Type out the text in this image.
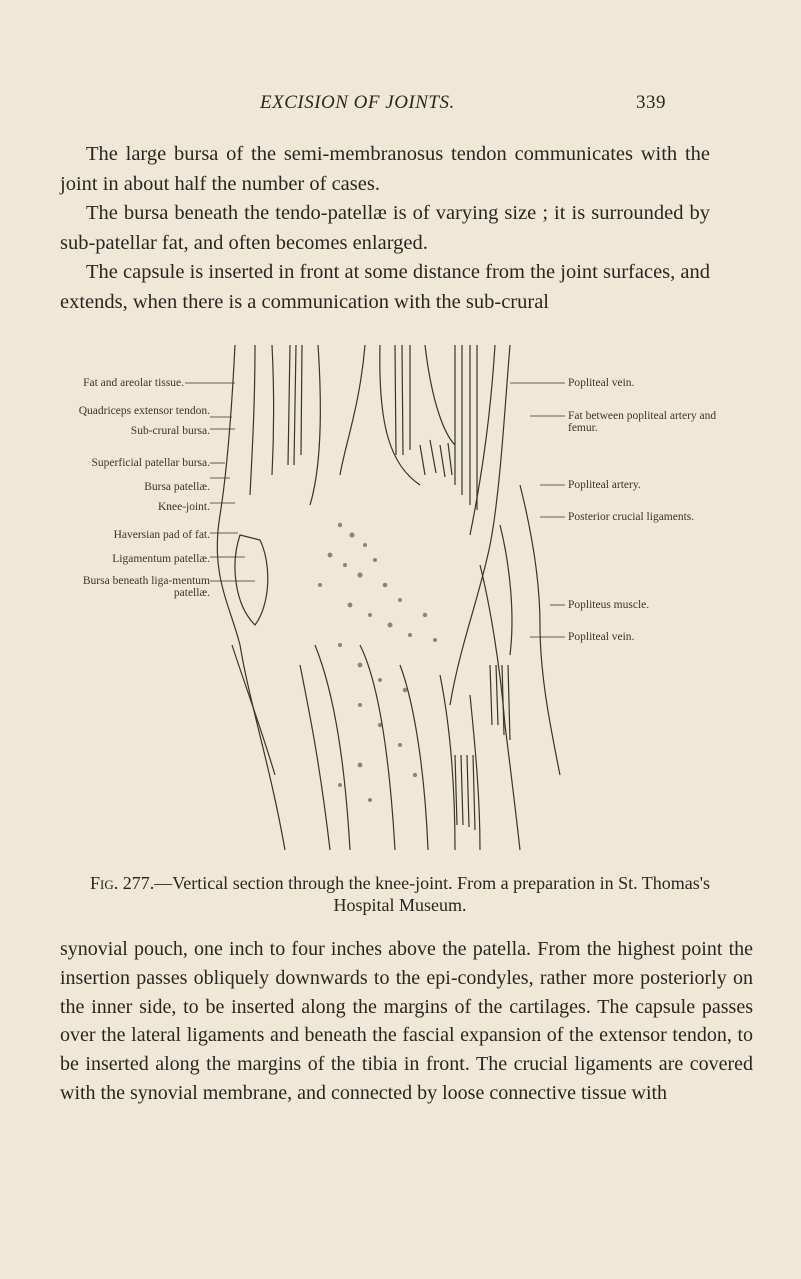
EXCISION OF JOINTS.	339

The large bursa of the semi-membranosus tendon communicates with the joint in about half the number of cases.

The bursa beneath the tendo-patellæ is of varying size ; it is surrounded by sub-patellar fat, and often becomes enlarged.

The capsule is inserted in front at some distance from the joint surfaces, and extends, when there is a communication with the sub-crural

Fat and areolar tissue.
Quadriceps extensor tendon.
Sub-crural bursa.
Superficial patellar bursa.
Bursa patellæ.
Knee-joint.
Haversian pad of fat.
Ligamentum patellæ.
Bursa beneath liga-mentum patellæ.
Popliteal vein.
Fat between popliteal artery and femur.
Popliteal artery.
Posterior crucial ligaments.
Popliteus muscle.
Popliteal vein.
Fig. 277.—Vertical section through the knee-joint. From a preparation in St. Thomas's Hospital Museum.

synovial pouch, one inch to four inches above the patella. From the highest point the insertion passes obliquely downwards to the epi-condyles, rather more posteriorly on the inner side, to be inserted along the margins of the cartilages. The capsule passes over the lateral ligaments and beneath the fascial expansion of the extensor tendon, to be inserted along the margins of the tibia in front. The crucial ligaments are covered with the synovial membrane, and connected by loose connective tissue with
